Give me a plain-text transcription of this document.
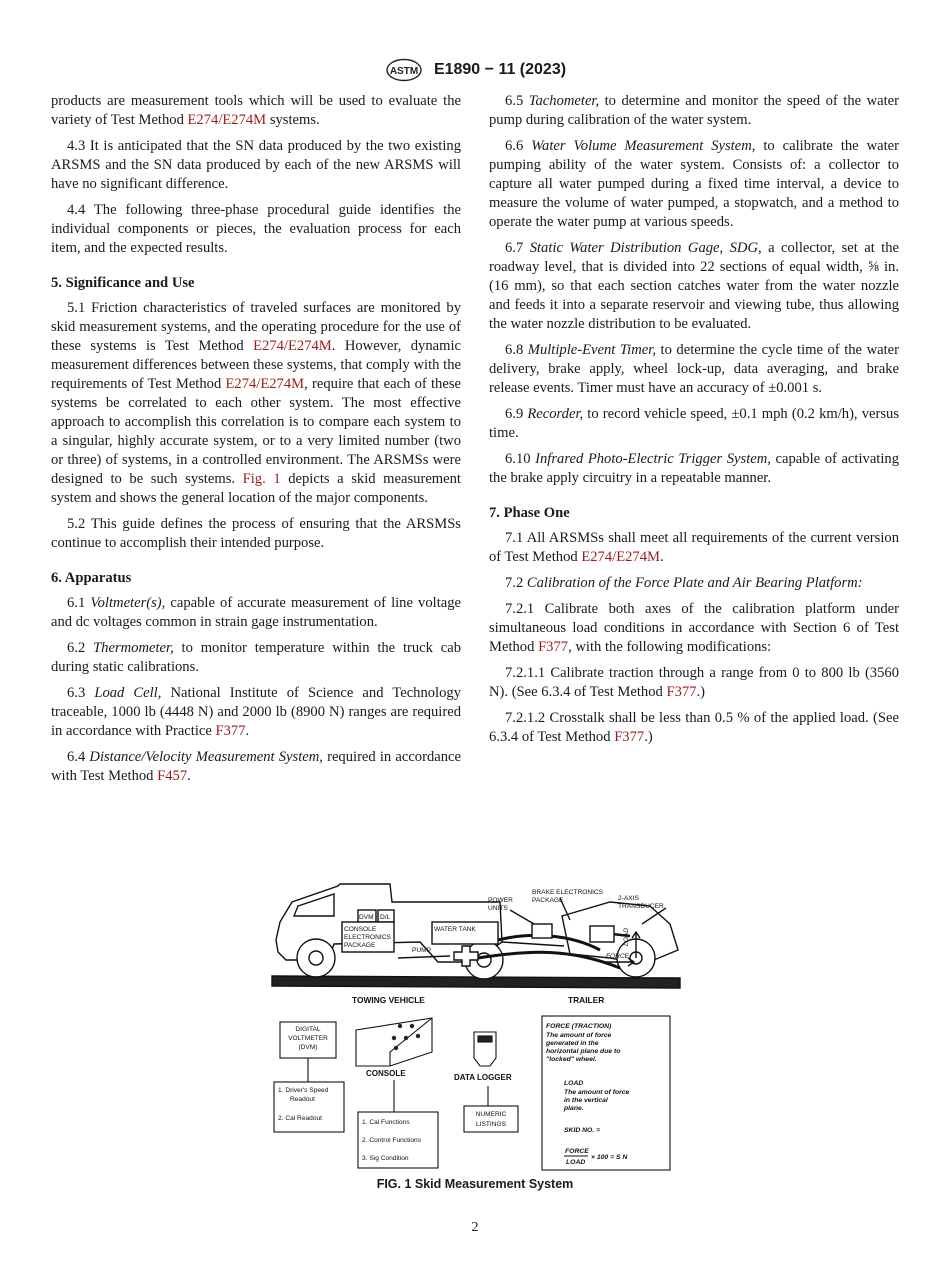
ASTM E1890 − 11 (2023)

products are measurement tools which will be used to evaluate the variety of Test Method E274/E274M systems.

4.3 It is anticipated that the SN data produced by the two existing ARSMS and the SN data produced by each of the new ARSMS will have no significant difference.

4.4 The following three-phase procedural guide identifies the individual components or pieces, the evaluation process for each item, and the expected results.

5. Significance and Use

5.1 Friction characteristics of traveled surfaces are monitored by skid measurement systems, and the operating procedure for the use of these systems is Test Method E274/E274M. However, dynamic measurement differences between these systems, that comply with the requirements of Test Method E274/E274M, require that each of these systems be correlated to each other system. The most effective approach to accomplish this correlation is to compare each system to a singular, highly accurate system, or to a very limited number (two or three) of systems, in a controlled environment. The ARSMSs were designed to be such systems. Fig. 1 depicts a skid measurement system and shows the general location of the major components.

5.2 This guide defines the process of ensuring that the ARSMSs continue to accomplish their intended purpose.

6. Apparatus

6.1 Voltmeter(s), capable of accurate measurement of line voltage and dc voltages common in strain gage instrumentation.

6.2 Thermometer, to monitor temperature within the truck cab during static calibrations.

6.3 Load Cell, National Institute of Science and Technology traceable, 1000 lb (4448 N) and 2000 lb (8900 N) ranges are required in accordance with Practice F377.

6.4 Distance/Velocity Measurement System, required in accordance with Test Method F457.

6.5 Tachometer, to determine and monitor the speed of the water pump during calibration of the water system.

6.6 Water Volume Measurement System, to calibrate the water pumping ability of the water system. Consists of: a collector to capture all water pumped during a fixed time interval, a device to measure the volume of water pumped, a stopwatch, and a method to operate the water pump at various speeds.

6.7 Static Water Distribution Gage, SDG, a collector, set at the roadway level, that is divided into 22 sections of equal width, ⅝ in. (16 mm), so that each section catches water from the water nozzle and feeds it into a separate reservoir and viewing tube, thus allowing the water nozzle distribution to be evaluated.

6.8 Multiple-Event Timer, to determine the cycle time of the water delivery, brake apply, wheel lock-up, data averaging, and brake release events. Timer must have an accuracy of ±0.001 s.

6.9 Recorder, to record vehicle speed, ±0.1 mph (0.2 km/h), versus time.

6.10 Infrared Photo-Electric Trigger System, capable of activating the brake apply circuitry in a repeatable manner.

7. Phase One

7.1 All ARSMSs shall meet all requirements of the current version of Test Method E274/E274M.

7.2 Calibration of the Force Plate and Air Bearing Platform:

7.2.1 Calibrate both axes of the calibration platform under simultaneous load conditions in accordance with Section 6 of Test Method F377, with the following modifications:

7.2.1.1 Calibrate traction through a range from 0 to 800 lb (3560 N). (See 6.3.4 of Test Method F377.)

7.2.1.2 Crosstalk shall be less than 0.5 % of the applied load. (See 6.3.4 of Test Method F377.)

DVM D/L
CONSOLE
ELECTRONICS
PACKAGE
WATER TANK
PUMP
POWER
UNITS
BRAKE ELECTRONICS
PACKAGE	2-AXIS
TRANSDUCER
LOAD
FORCE
TOWING VEHICLE	TRAILER
DIGITAL
VOLTMETER
(DVM)
NUMERIC
LISTINGS
1. Driver's Speed
Readout
2. Cal Readout
1. Cal Functions
2. Control Functions
3. Sig Condition
CONSOLE	DATA LOGGER
FORCE (TRACTION)
The amount of force
generated in the
horizontal plane due to
"locked" wheel.
LOAD
The amount of force
in the vertical
plane.
SKID NO. =
FORCE
LOAD
× 100 = S N
FIG. 1 Skid Measurement System
2
